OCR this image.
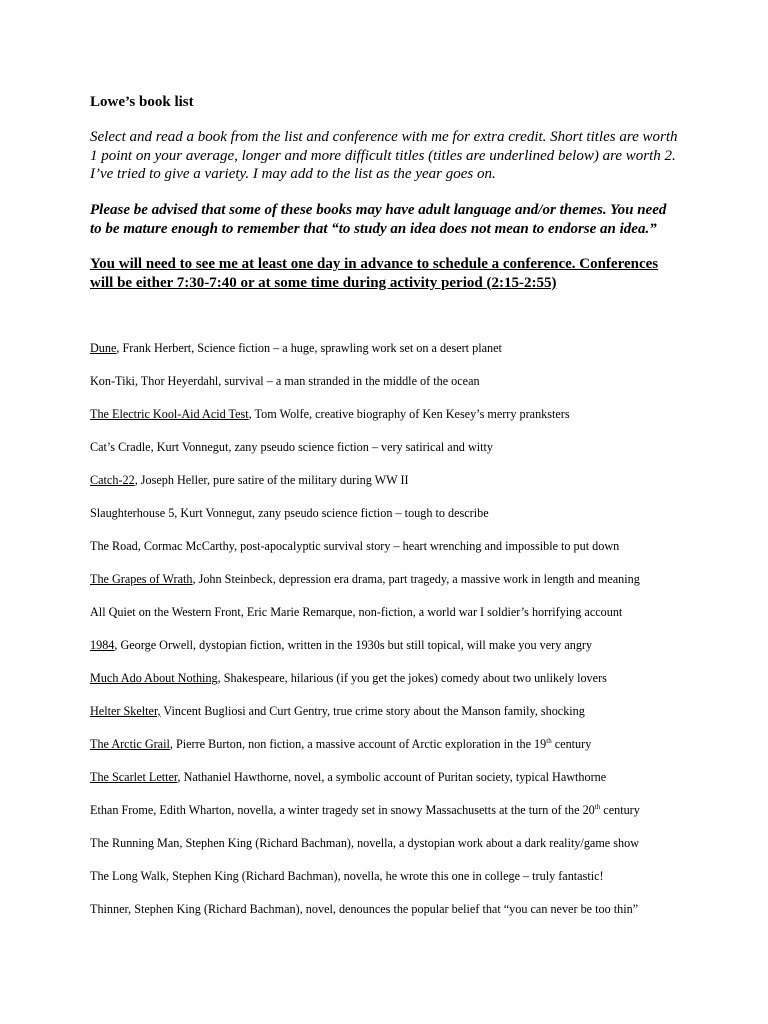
Lowe’s book list

Select and read a book from the list and conference with me for extra credit. Short titles are worth 1 point on your average, longer and more difficult titles (titles are underlined below) are worth 2. I’ve tried to give a variety. I may add to the list as the year goes on.

Please be advised that some of these books may have adult language and/or themes. You need to be mature enough to remember that “to study an idea does not mean to endorse an idea.”

You will need to see me at least one day in advance to schedule a conference. Conferences will be either 7:30-7:40 or at some time during activity period (2:15-2:55)

Dune, Frank Herbert, Science fiction – a huge, sprawling work set on a desert planet
Kon-Tiki, Thor Heyerdahl, survival – a man stranded in the middle of the ocean
The Electric Kool-Aid Acid Test, Tom Wolfe, creative biography of Ken Kesey’s merry pranksters
Cat’s Cradle, Kurt Vonnegut, zany pseudo science fiction – very satirical and witty
Catch-22, Joseph Heller, pure satire of the military during WW II
Slaughterhouse 5, Kurt Vonnegut, zany pseudo science fiction – tough to describe
The Road, Cormac McCarthy, post-apocalyptic survival story – heart wrenching and impossible to put down
The Grapes of Wrath, John Steinbeck, depression era drama, part tragedy, a massive work in length and meaning
All Quiet on the Western Front, Eric Marie Remarque, non-fiction, a world war I soldier’s horrifying account
1984, George Orwell, dystopian fiction, written in the 1930s but still topical, will make you very angry
Much Ado About Nothing, Shakespeare, hilarious (if you get the jokes) comedy about two unlikely lovers
Helter Skelter, Vincent Bugliosi and Curt Gentry, true crime story about the Manson family, shocking
The Arctic Grail, Pierre Burton, non fiction, a massive account of Arctic exploration in the 19th century
The Scarlet Letter, Nathaniel Hawthorne, novel, a symbolic account of Puritan society, typical Hawthorne
Ethan Frome, Edith Wharton, novella, a winter tragedy set in snowy Massachusetts at the turn of the 20th century
The Running Man, Stephen King (Richard Bachman), novella, a dystopian work about a dark reality/game show
The Long Walk, Stephen King (Richard Bachman), novella, he wrote this one in college – truly fantastic!
Thinner, Stephen King (Richard Bachman), novel, denounces the popular belief that “you can never be too thin”
